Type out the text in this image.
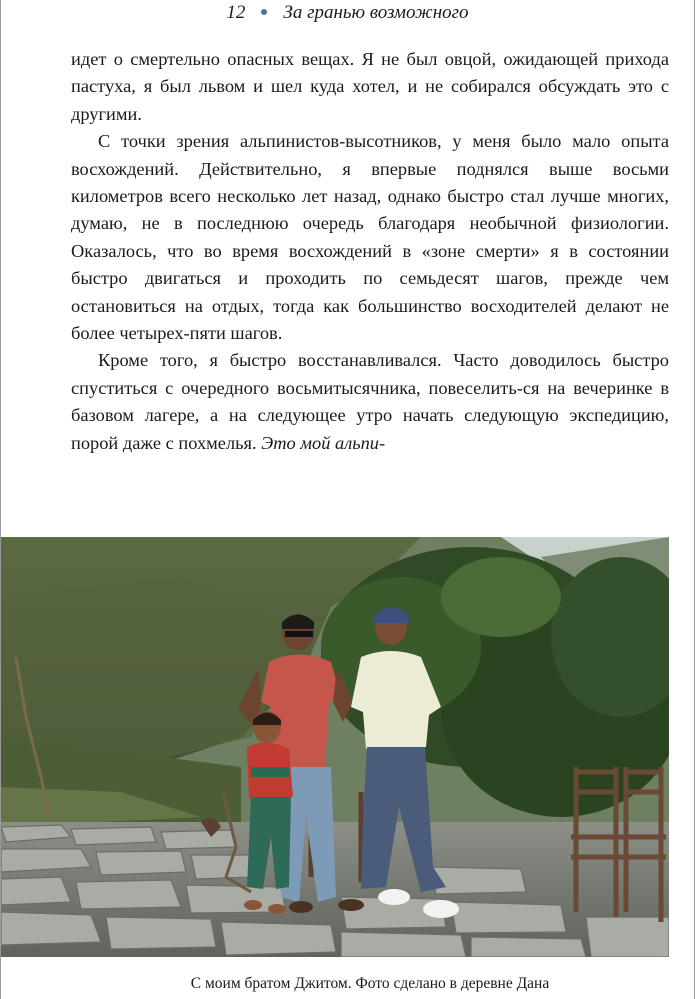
12 За гранью возможного

идет о смертельно опасных вещах. Я не был овцой, ожидающей прихода пастуха, я был львом и шел куда хотел, и не собирался обсуждать это с другими.

С точки зрения альпинистов-высотников, у меня было мало опыта восхождений. Действительно, я впервые поднялся выше восьми километров всего несколько лет назад, однако быстро стал лучше многих, думаю, не в последнюю очередь благодаря необычной физиологии. Оказалось, что во время восхождений в «зоне смерти» я в состоянии быстро двигаться и проходить по семьдесят шагов, прежде чем остановиться на отдых, тогда как большинство восходителей делают не более четырех-пяти шагов.

Кроме того, я быстро восстанавливался. Часто доводилось быстро спуститься с очередного восьмитысячника, повеселить-ся на вечеринке в базовом лагере, а на следующее утро начать следующую экспедицию, порой даже с похмелья. Это мой альпи-

С моим братом Джитом. Фото сделано в деревне Дана
